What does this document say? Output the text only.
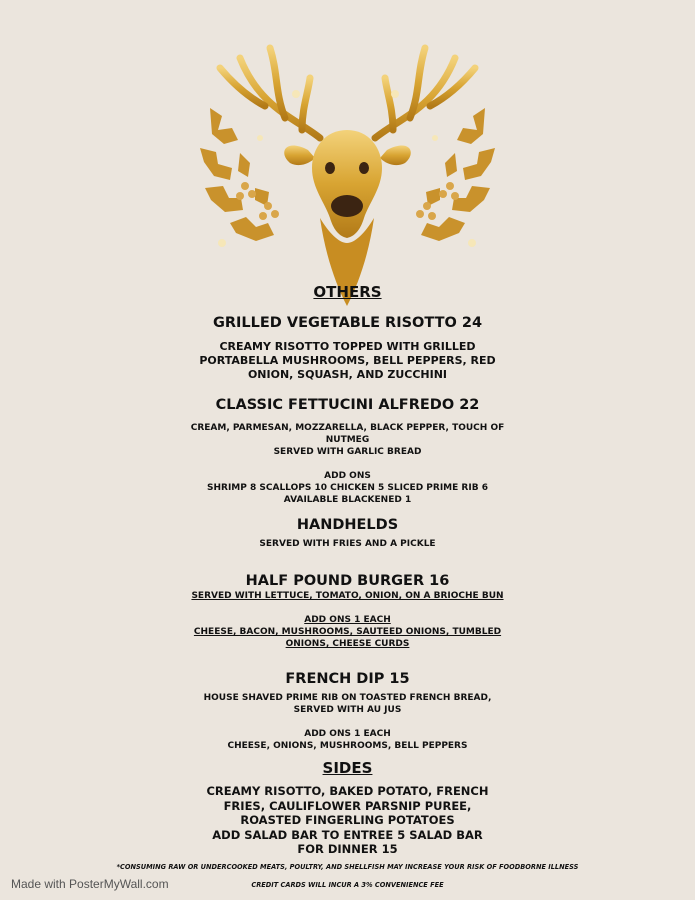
OTHERS
GRILLED VEGETABLE RISOTTO 24
CREAMY RISOTTO TOPPED WITH GRILLED PORTABELLA MUSHROOMS, BELL PEPPERS, RED ONION, SQUASH, AND ZUCCHINI
CLASSIC FETTUCINI ALFREDO 22
CREAM, PARMESAN, MOZZARELLA, BLACK PEPPER, TOUCH OF NUTMEG
SERVED WITH GARLIC BREAD
ADD ONS
SHRIMP 8 SCALLOPS 10 CHICKEN 5 SLICED PRIME RIB 6
AVAILABLE BLACKENED 1
HANDHELDS
SERVED WITH FRIES AND A PICKLE
HALF POUND BURGER 16
SERVED WITH LETTUCE, TOMATO, ONION, ON A BRIOCHE BUN
ADD ONS 1 EACH
CHEESE, BACON, MUSHROOMS, SAUTEED ONIONS, TUMBLED ONIONS, CHEESE CURDS
FRENCH DIP 15
HOUSE SHAVED PRIME RIB ON TOASTED FRENCH BREAD, SERVED WITH AU JUS
ADD ONS 1 EACH
CHEESE, ONIONS, MUSHROOMS, BELL PEPPERS
SIDES
CREAMY RISOTTO, BAKED POTATO, FRENCH FRIES, CAULIFLOWER PARSNIP PUREE, ROASTED FINGERLING POTATOES
ADD SALAD BAR TO ENTREE 5 SALAD BAR FOR DINNER 15
*CONSUMING RAW OR UNDERCOOKED MEATS, POULTRY, AND SHELLFISH MAY INCREASE YOUR RISK OF FOODBORNE ILLNESS
CREDIT CARDS WILL INCUR A 3% CONVENIENCE FEE
Made with PosterMyWall.com
